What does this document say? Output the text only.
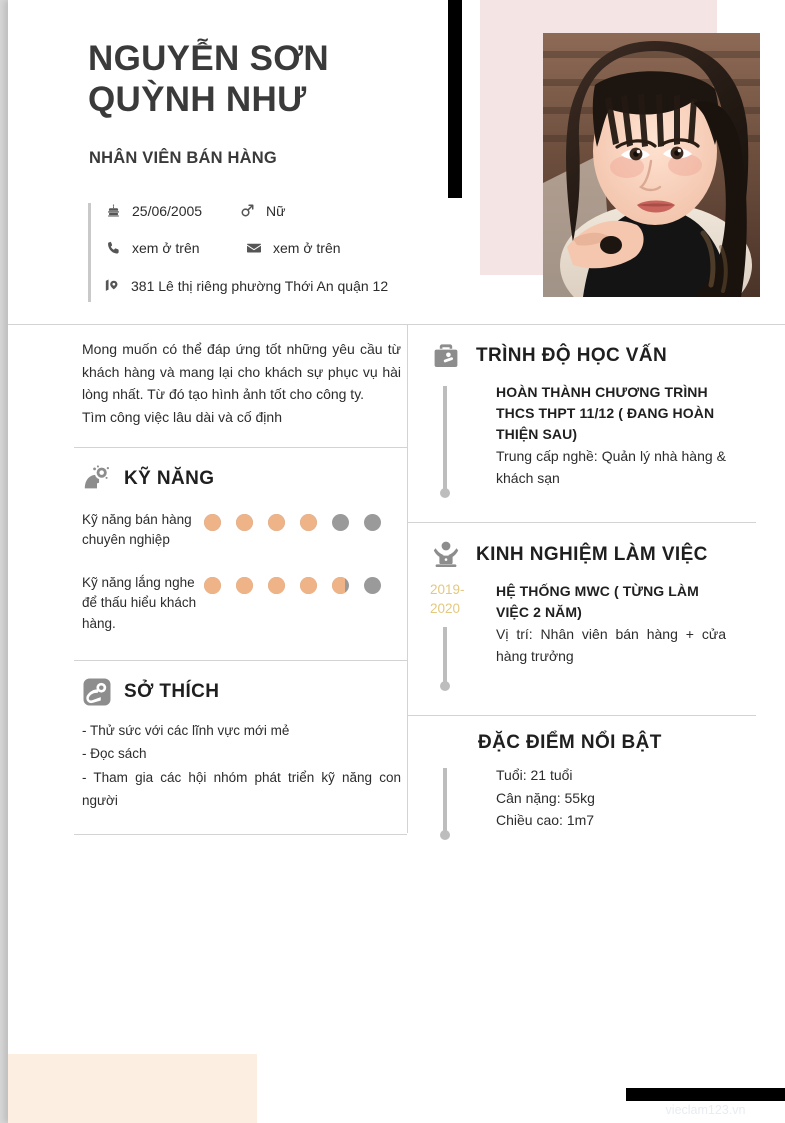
NGUYỄN SƠN
QUỲNH NHƯ
NHÂN VIÊN BÁN HÀNG
25/06/2005	Nữ
xem ở trên	xem ở trên
381 Lê thị riêng phường Thới An quận 12
Mong muốn có thể đáp ứng tốt những yêu cầu từ khách hàng và mang lại cho khách sự phục vụ hài lòng nhất. Từ đó tạo hình ảnh tốt cho công ty.
Tìm công việc lâu dài và cố định
KỸ NĂNG
Kỹ năng bán hàng chuyên nghiệp
Kỹ năng lắng nghe để thấu hiểu khách hàng.
SỞ THÍCH
- Thử sức với các lĩnh vực mới mẻ
- Đọc sách
- Tham gia các hội nhóm phát triển kỹ năng con người
TRÌNH ĐỘ HỌC VẤN
HOÀN THÀNH CHƯƠNG TRÌNH THCS THPT 11/12 ( ĐANG HOÀN THIỆN SAU)
Trung cấp nghề: Quản lý nhà hàng & khách sạn
KINH NGHIỆM LÀM VIỆC
2019-2020
HỆ THỐNG MWC ( TỪNG LÀM VIỆC 2 NĂM)
Vị trí: Nhân viên bán hàng + cửa hàng trưởng
ĐẶC ĐIỂM NỔI BẬT
Tuổi: 21 tuổi
Cân nặng: 55kg
Chiều cao: 1m7
vieclam123.vn
